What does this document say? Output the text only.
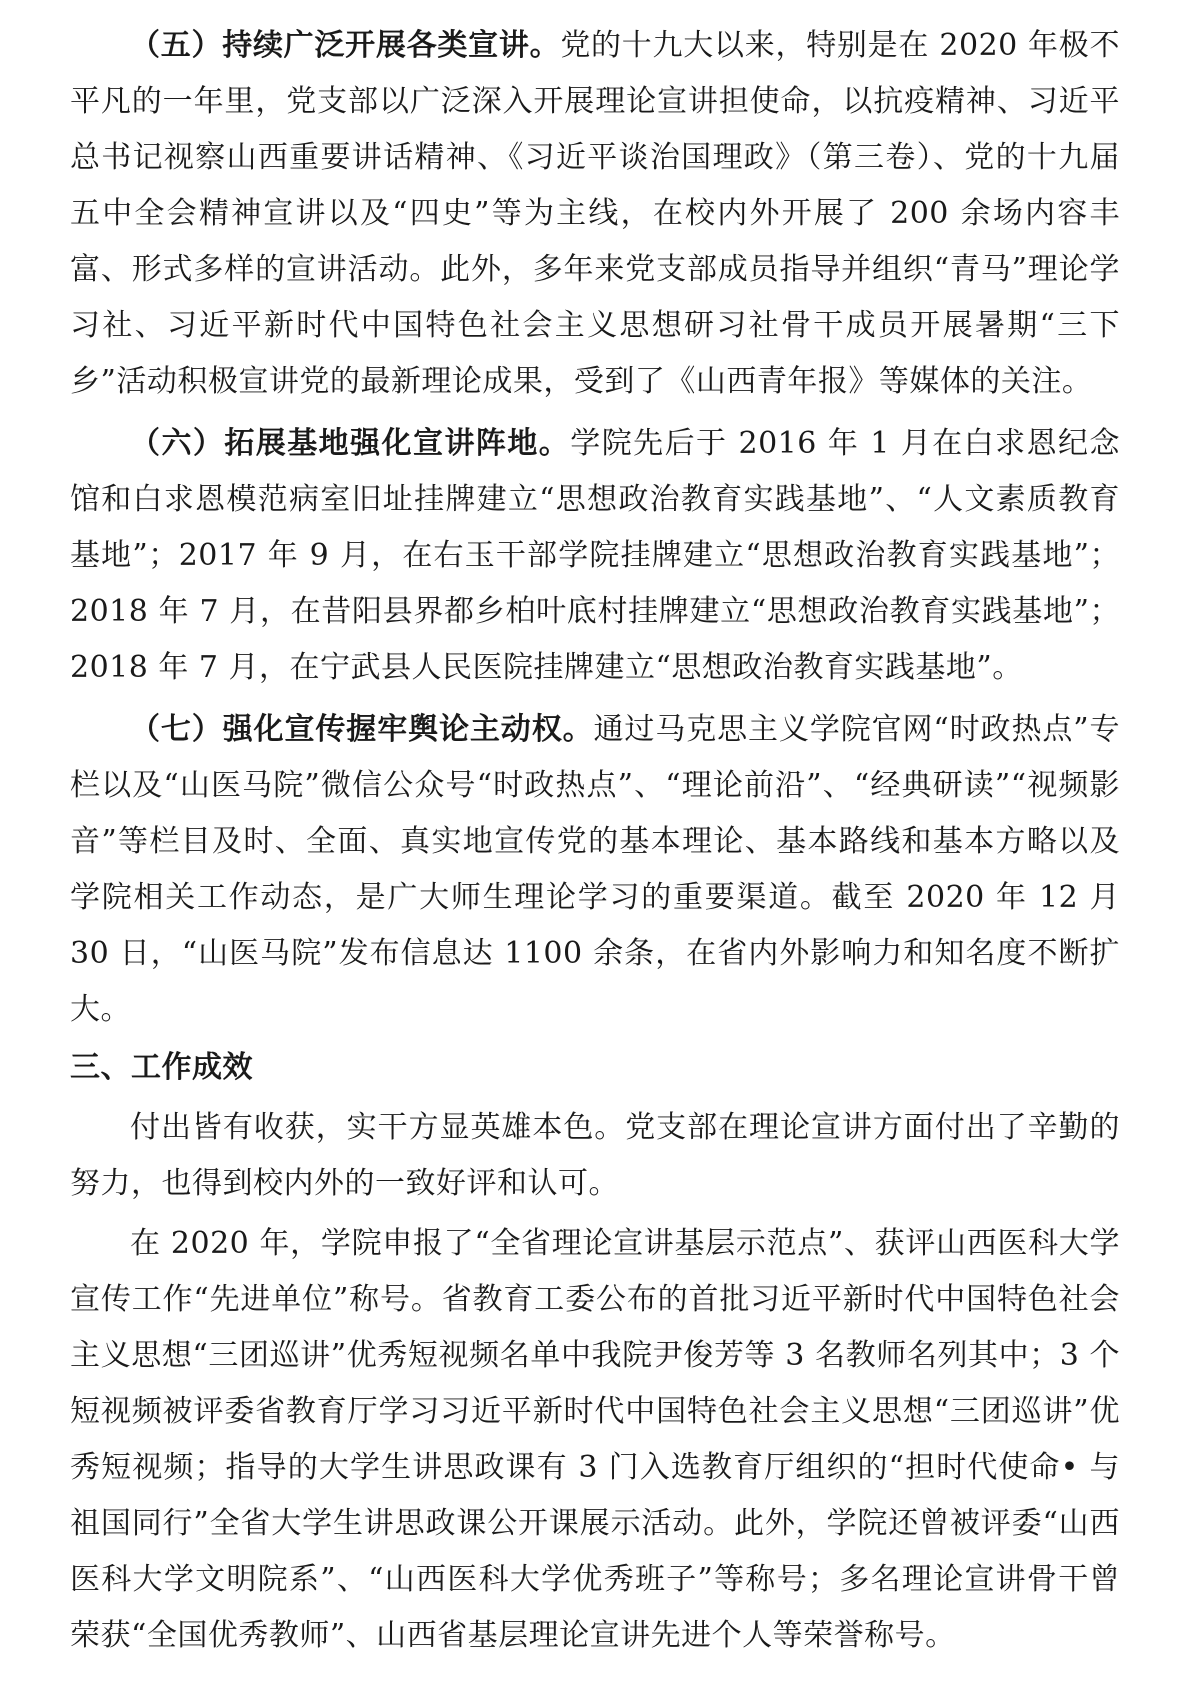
（五）持续广泛开展各类宣讲。党的十九大以来，特别是在 2020 年极不平凡的一年里，党支部以广泛深入开展理论宣讲担使命，以抗疫精神、习近平总书记视察山西重要讲话精神、《习近平谈治国理政》（第三卷）、党的十九届五中全会精神宣讲以及“四史”等为主线，在校内外开展了 200 余场内容丰富、形式多样的宣讲活动。此外，多年来党支部成员指导并组织“青马”理论学习社、习近平新时代中国特色社会主义思想研习社骨干成员开展暑期“三下乡”活动积极宣讲党的最新理论成果，受到了《山西青年报》等媒体的关注。

（六）拓展基地强化宣讲阵地。学院先后于 2016 年 1 月在白求恩纪念馆和白求恩模范病室旧址挂牌建立“思想政治教育实践基地”、“人文素质教育基地”；2017 年 9 月，在右玉干部学院挂牌建立“思想政治教育实践基地”；2018 年 7 月，在昔阳县界都乡柏叶底村挂牌建立“思想政治教育实践基地”；2018 年 7 月，在宁武县人民医院挂牌建立“思想政治教育实践基地”。

（七）强化宣传握牢舆论主动权。通过马克思主义学院官网“时政热点”专栏以及“山医马院”微信公众号“时政热点”、“理论前沿”、“经典研读”“视频影音”等栏目及时、全面、真实地宣传党的基本理论、基本路线和基本方略以及学院相关工作动态，是广大师生理论学习的重要渠道。截至 2020 年 12 月 30 日，“山医马院”发布信息达 1100 余条，在省内外影响力和知名度不断扩大。

三、工作成效

付出皆有收获，实干方显英雄本色。党支部在理论宣讲方面付出了辛勤的努力，也得到校内外的一致好评和认可。

在 2020 年，学院申报了“全省理论宣讲基层示范点”、获评山西医科大学宣传工作“先进单位”称号。省教育工委公布的首批习近平新时代中国特色社会主义思想“三团巡讲”优秀短视频名单中我院尹俊芳等 3 名教师名列其中；3 个短视频被评委省教育厅学习习近平新时代中国特色社会主义思想“三团巡讲”优秀短视频；指导的大学生讲思政课有 3 门入选教育厅组织的“担时代使命• 与祖国同行”全省大学生讲思政课公开课展示活动。此外，学院还曾被评委“山西医科大学文明院系”、“山西医科大学优秀班子”等称号；多名理论宣讲骨干曾荣获“全国优秀教师”、山西省基层理论宣讲先进个人等荣誉称号。
